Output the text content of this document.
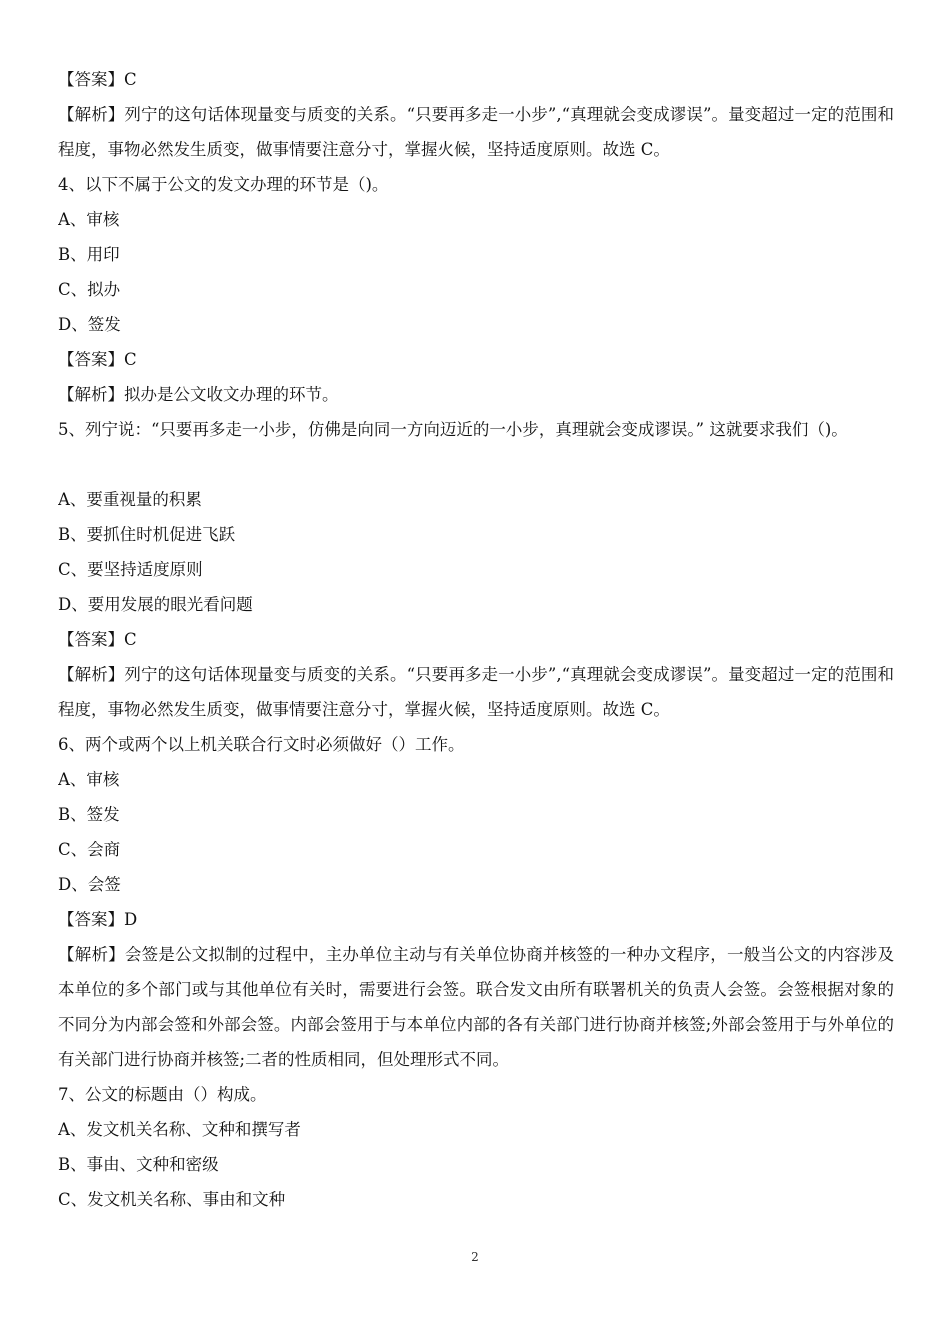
【答案】C
【解析】列宁的这句话体现量变与质变的关系。“只要再多走一小步”,“真理就会变成谬误”。量变超过一定的范围和程度，事物必然发生质变，做事情要注意分寸，掌握火候，坚持适度原则。故选 C。
4、以下不属于公文的发文办理的环节是（)。
A、审核
B、用印
C、拟办
D、签发
【答案】C
【解析】拟办是公文收文办理的环节。
5、列宁说：“只要再多走一小步，仿佛是向同一方向迈近的一小步，真理就会变成谬误。” 这就要求我们（)。
A、要重视量的积累
B、要抓住时机促进飞跃
C、要坚持适度原则
D、要用发展的眼光看问题
【答案】C
【解析】列宁的这句话体现量变与质变的关系。“只要再多走一小步”,“真理就会变成谬误”。量变超过一定的范围和程度，事物必然发生质变，做事情要注意分寸，掌握火候，坚持适度原则。故选 C。
6、两个或两个以上机关联合行文时必须做好（）工作。
A、审核
B、签发
C、会商
D、会签
【答案】D
【解析】会签是公文拟制的过程中，主办单位主动与有关单位协商并核签的一种办文程序，一般当公文的内容涉及本单位的多个部门或与其他单位有关时，需要进行会签。联合发文由所有联署机关的负责人会签。会签根据对象的不同分为内部会签和外部会签。内部会签用于与本单位内部的各有关部门进行协商并核签;外部会签用于与外单位的有关部门进行协商并核签;二者的性质相同，但处理形式不同。
7、公文的标题由（）构成。
A、发文机关名称、文种和撰写者
B、事由、文种和密级
C、发文机关名称、事由和文种
2
